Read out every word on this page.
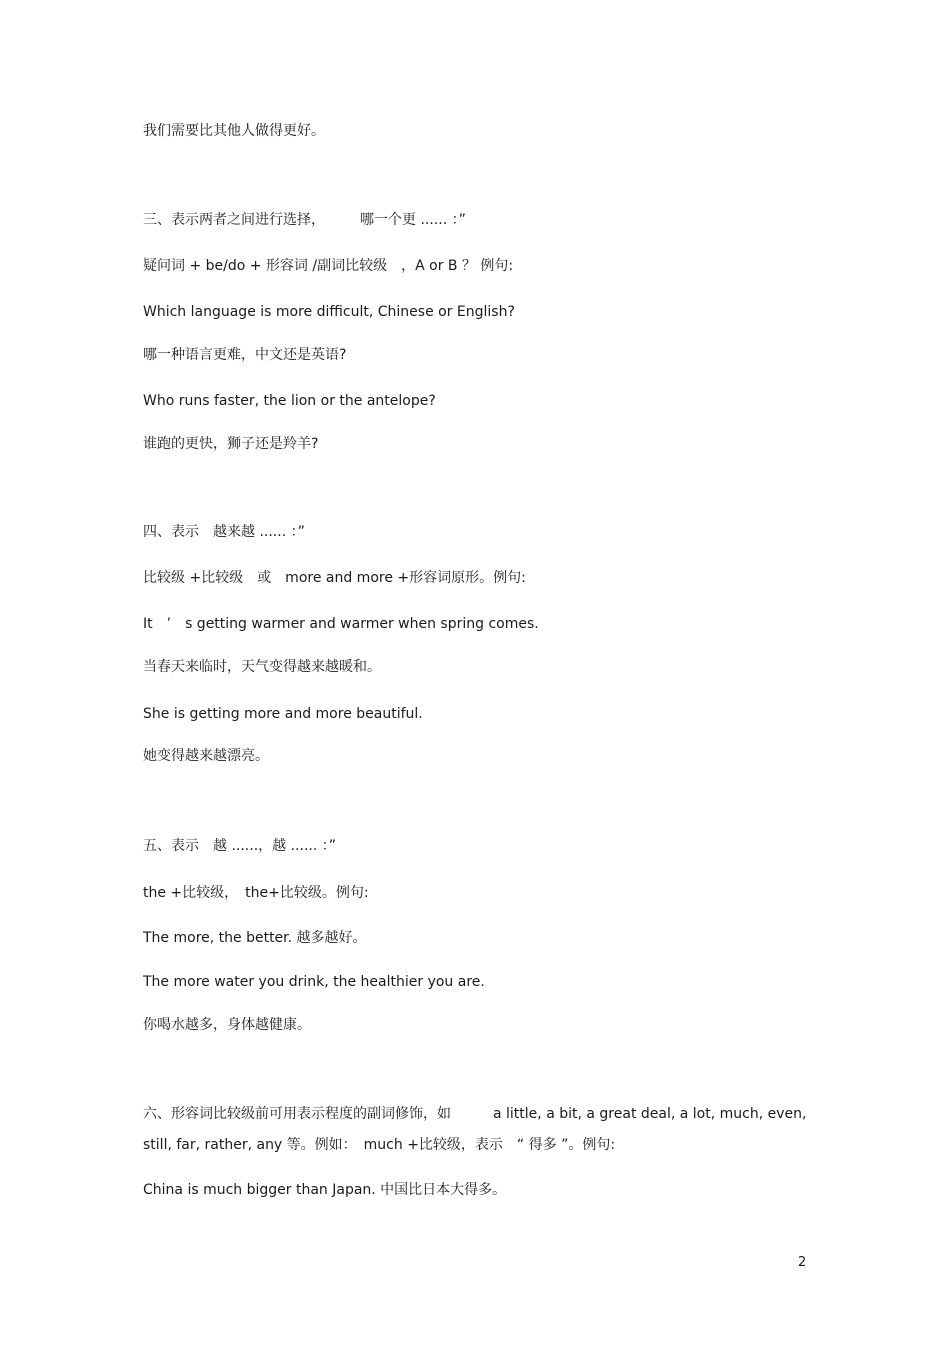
我们需要比其他人做得更好。
三、表示两者之间进行选择，　　　哪一个更 ...... ：”
疑问词 + be/do + 形容词 /副词比较级　，A or B ？ 例句:
Which language is more difficult, Chinese or English?
哪一种语言更难，中文还是英语?
Who runs faster, the lion or the antelope?
谁跑的更快，狮子还是羚羊?
四、表示　越来越 ...... ：”
比较级 +比较级　或　more and more +形容词原形。例句:
It　’　s getting warmer and warmer when spring comes.
当春天来临时，天气变得越来越暖和。
She is getting more and more beautiful.
她变得越来越漂亮。
五、表示　越 ......，越 ...... ：”
the +比较级，　the+比较级。例句:
The more, the better. 越多越好。
The more water you drink, the healthier you are.
你喝水越多，身体越健康。
六、形容词比较级前可用表示程度的副词修饰，如　　　a little, a bit, a great deal, a lot, much, even,
still, far, rather, any 等。例如：　much +比较级，表示　“ 得多 ”。例句:
China is much bigger than Japan. 中国比日本大得多。
2
